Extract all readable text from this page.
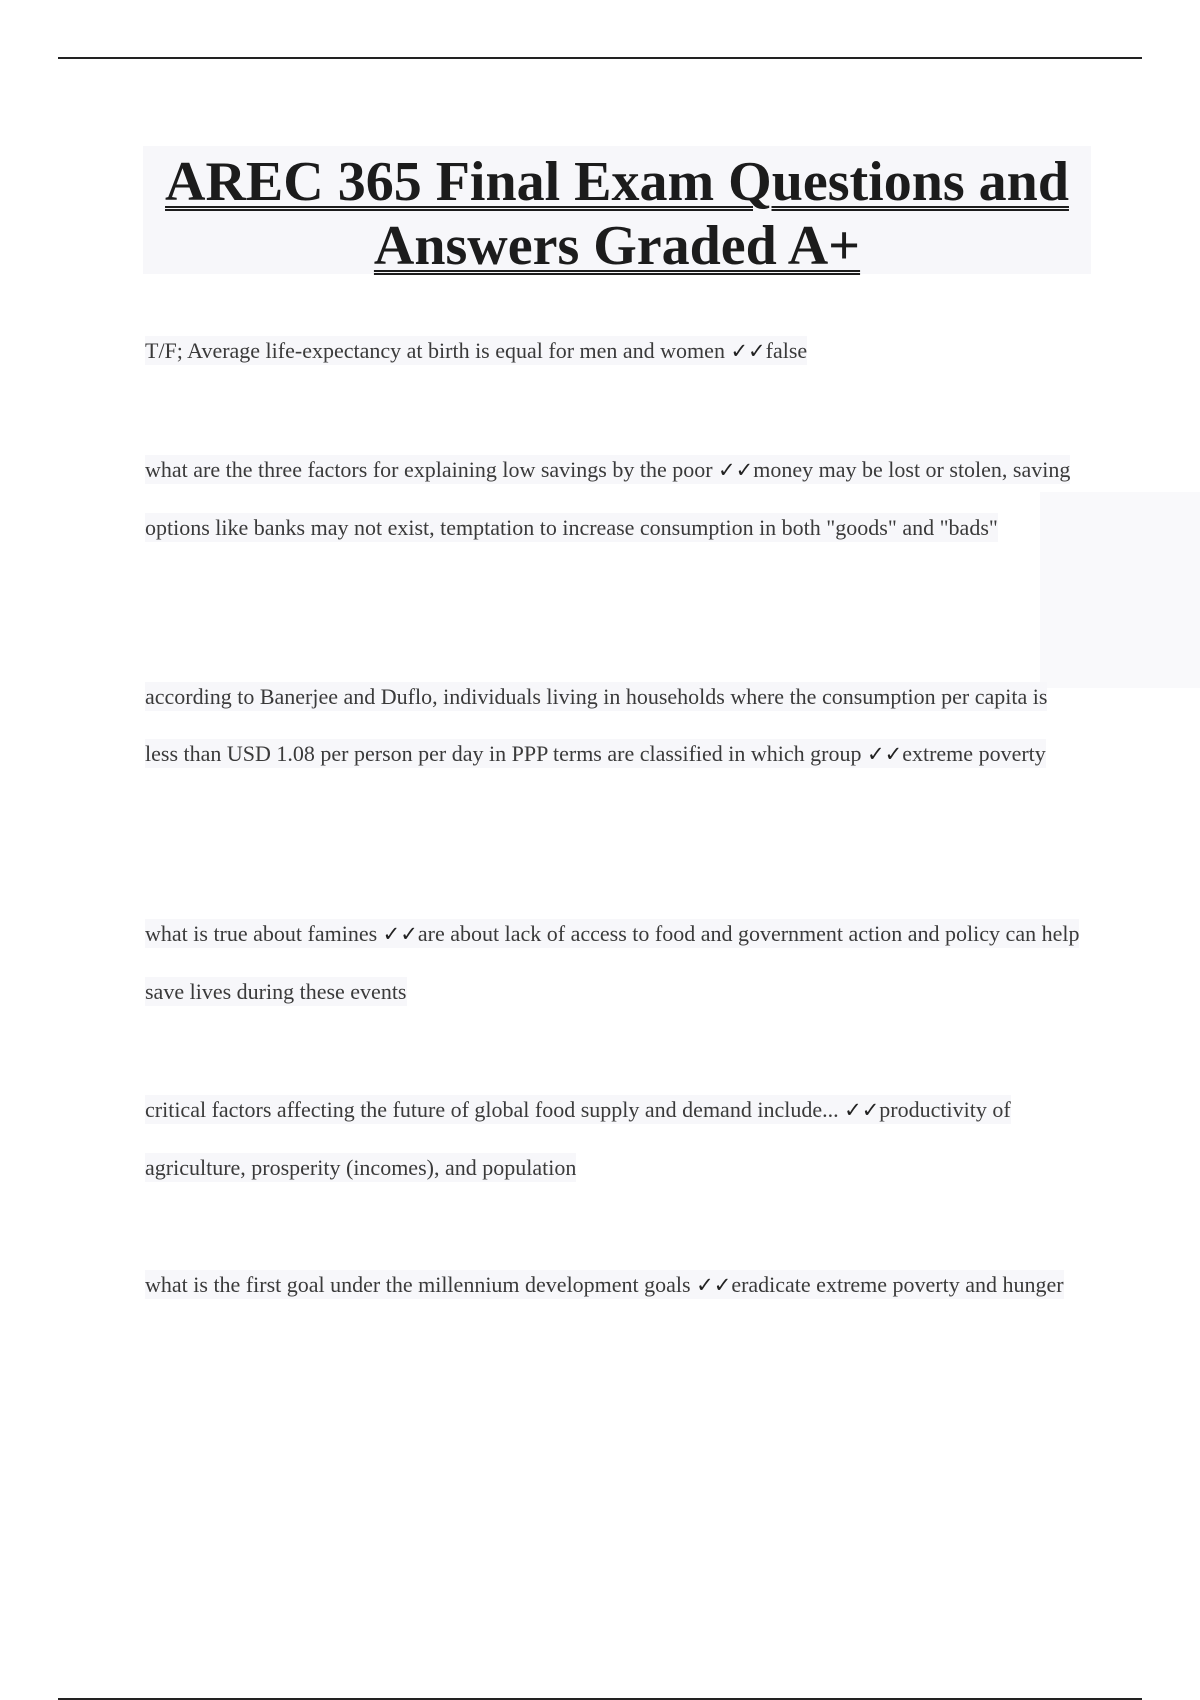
AREC 365 Final Exam Questions and Answers Graded A+

T/F; Average life-expectancy at birth is equal for men and women ✓✓false

what are the three factors for explaining low savings by the poor ✓✓money may be lost or stolen, saving options like banks may not exist, temptation to increase consumption in both "goods" and "bads"

according to Banerjee and Duflo, individuals living in households where the consumption per capita is less than USD 1.08 per person per day in PPP terms are classified in which group ✓✓extreme poverty

what is true about famines ✓✓are about lack of access to food and government action and policy can help save lives during these events

critical factors affecting the future of global food supply and demand include... ✓✓productivity of agriculture, prosperity (incomes), and population

what is the first goal under the millennium development goals ✓✓eradicate extreme poverty and hunger
